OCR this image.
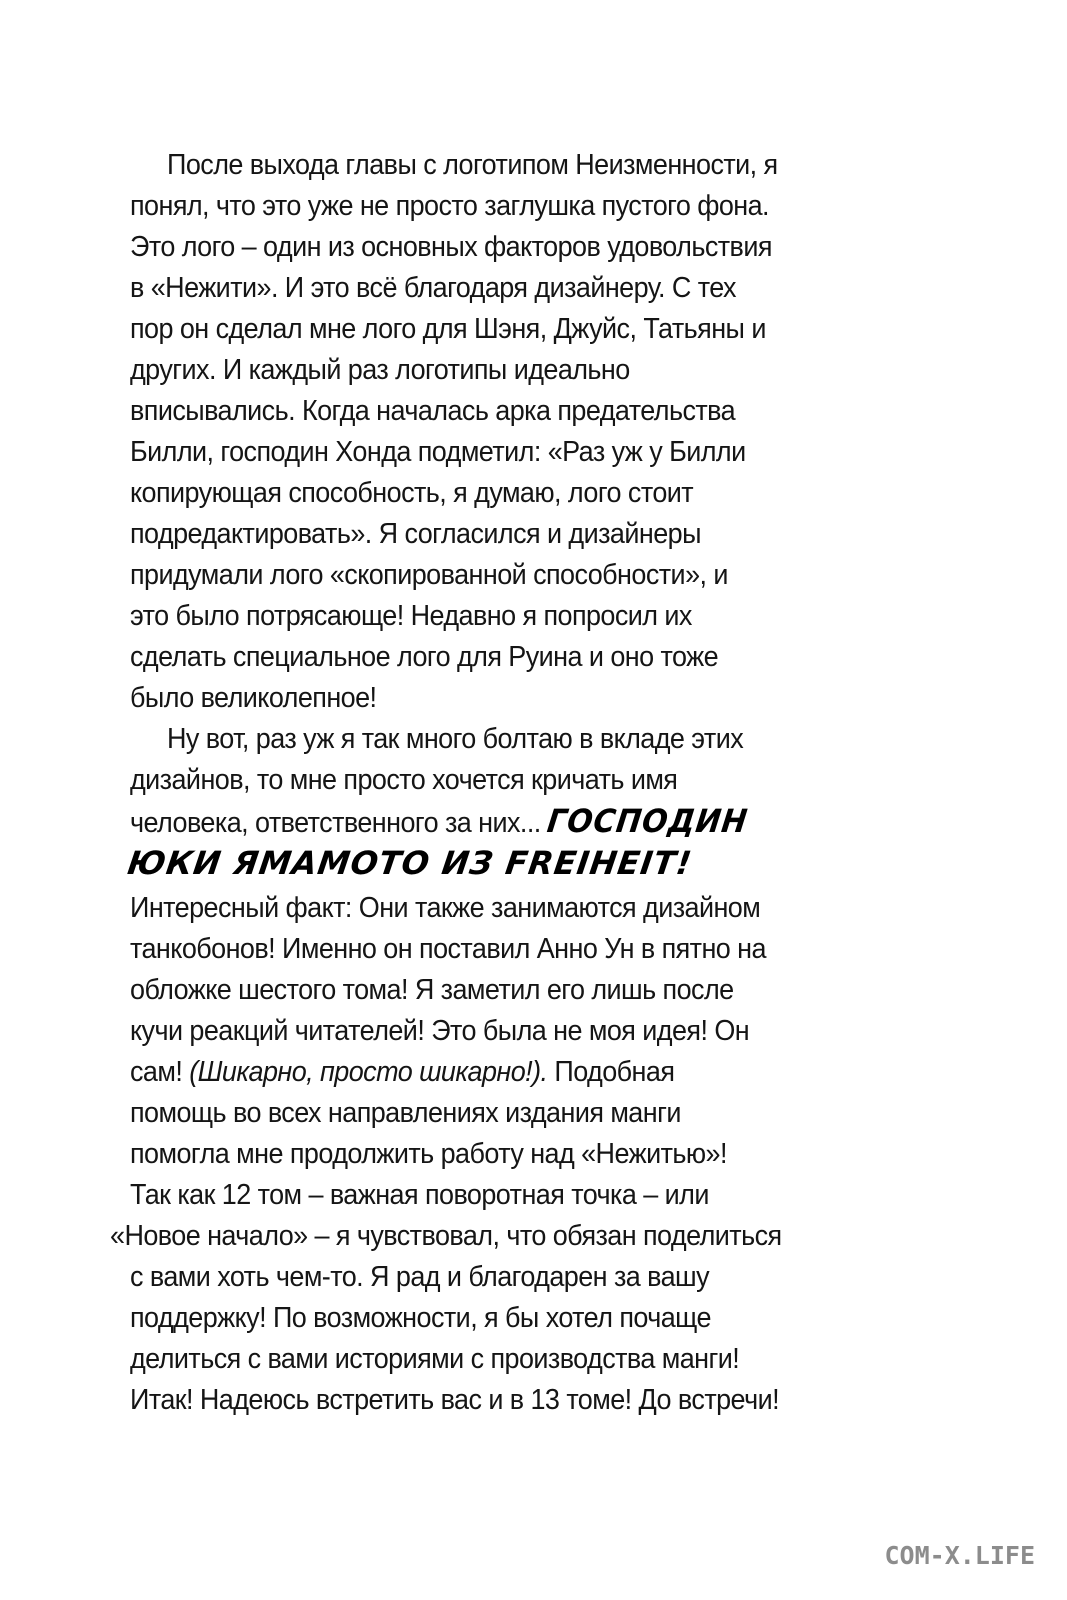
После выхода главы с логотипом Неизменности, я
понял, что это уже не просто заглушка пустого фона.
Это лого – один из основных факторов удовольствия
в «Нежити». И это всё благодаря дизайнеру. С тех
пор он сделал мне лого для Шэня, Джуйс, Татьяны и
других. И каждый раз логотипы идеально
вписывались. Когда началась арка предательства
Билли, господин Хонда подметил: «Раз уж у Билли
копирующая способность, я думаю, лого стоит
подредактировать». Я согласился и дизайнеры
придумали лого «скопированной способности», и
это было потрясающе! Недавно я попросил их
сделать специальное лого для Руина и оно тоже
было великолепное!
Ну вот, раз уж я так много болтаю в вкладе этих
дизайнов, то мне просто хочется кричать имя
человека, ответственного за них... ГОСПОДИН
ЮКИ ЯМАМОТО ИЗ FREIHEIT!
Интересный факт: Они также занимаются дизайном
танкобонов! Именно он поставил Анно Ун в пятно на
обложке шестого тома! Я заметил его лишь после
кучи реакций читателей! Это была не моя идея! Он
сам! (Шикарно, просто шикарно!). Подобная
помощь во всех направлениях издания манги
помогла мне продолжить работу над «Нежитью»!
Так как 12 том – важная поворотная точка – или
«Новое начало» – я чувствовал, что обязан поделиться
с вами хоть чем-то. Я рад и благодарен за вашу
поддержку! По возможности, я бы хотел почаще
делиться с вами историями с производства манги!
Итак! Надеюсь встретить вас и в 13 томе! До встречи!
COM-X.LIFE
